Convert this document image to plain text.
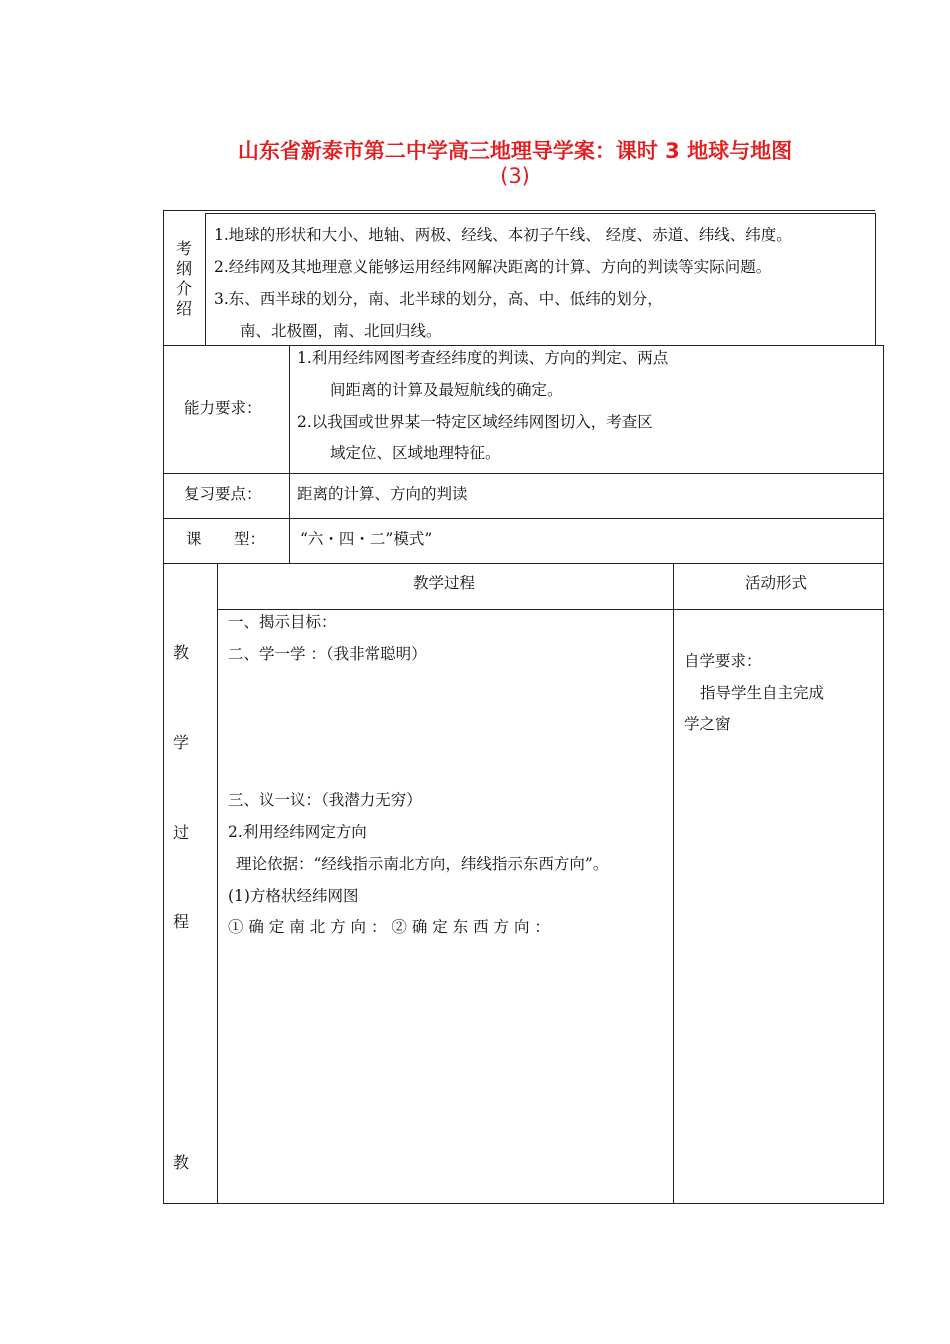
山东省新泰市第二中学高三地理导学案：课时 3 地球与地图
(3)
考
纲
介
绍
1.地球的形状和大小、地轴、两极、经线、本初子午线、 经度、赤道、纬线、纬度。
2.经纬网及其地理意义能够运用经纬网解决距离的计算、方向的判读等实际问题。
3.东、西半球的划分，南、北半球的划分，高、中、低纬的划分，
南、北极圈，南、北回归线。
能力要求：
1.利用经纬网图考查经纬度的判读、方向的判定、两点
间距离的计算及最短航线的确定。
2.以我国或世界某一特定区域经纬网图切入，考查区
域定位、区域地理特征。
复习要点： 距离的计算、方向的判读
课 型： “六・四・二”模式”
教
学
过
程
教
教学过程	活动形式
一、揭示目标：
二、学一学 ：（我非常聪明）
三、议一议：（我潜力无穷）
2.利用经纬网定方向
理论依据：“经线指示南北方向，纬线指示东西方向”。
(1)方格状经纬网图
① 确 定 南 北 方 向 ： ② 确 定 东 西 方 向 ：
自学要求：
指导学生自主完成
学之窗
